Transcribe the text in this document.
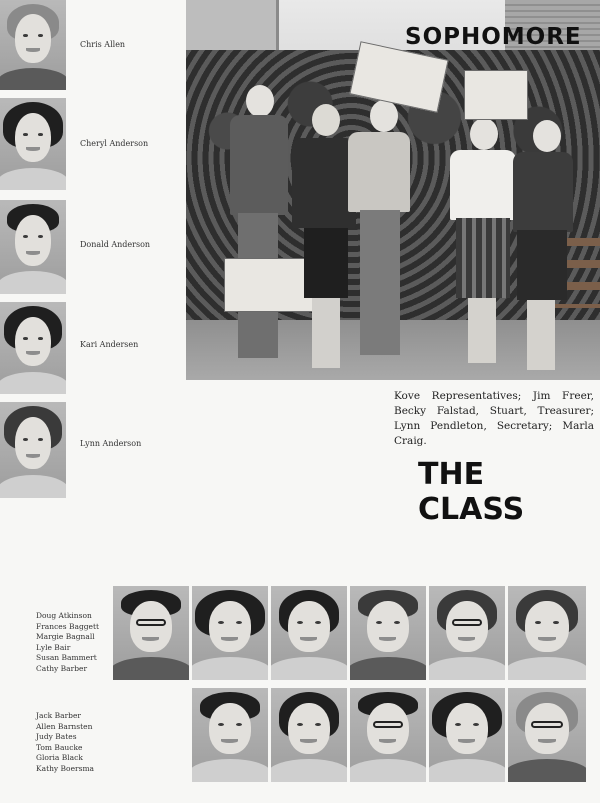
Chris Allen
Cheryl Anderson
Donald Anderson
Kari Andersen
Lynn Anderson
SOPHOMORE
Kove Representatives; Jim Freer, Becky Falstad, Stuart, Treasurer; Lynn Pendleton, Secretary; Marla Craig.
THE CLASS
Doug Atkinson
Frances Baggett
Margie Bagnall
Lyle Bair
Susan Bammert
Cathy Barber
Jack Barber
Allen Barnsten
Judy Bates
Tom Baucke
Gloria Black
Kathy Boersma
